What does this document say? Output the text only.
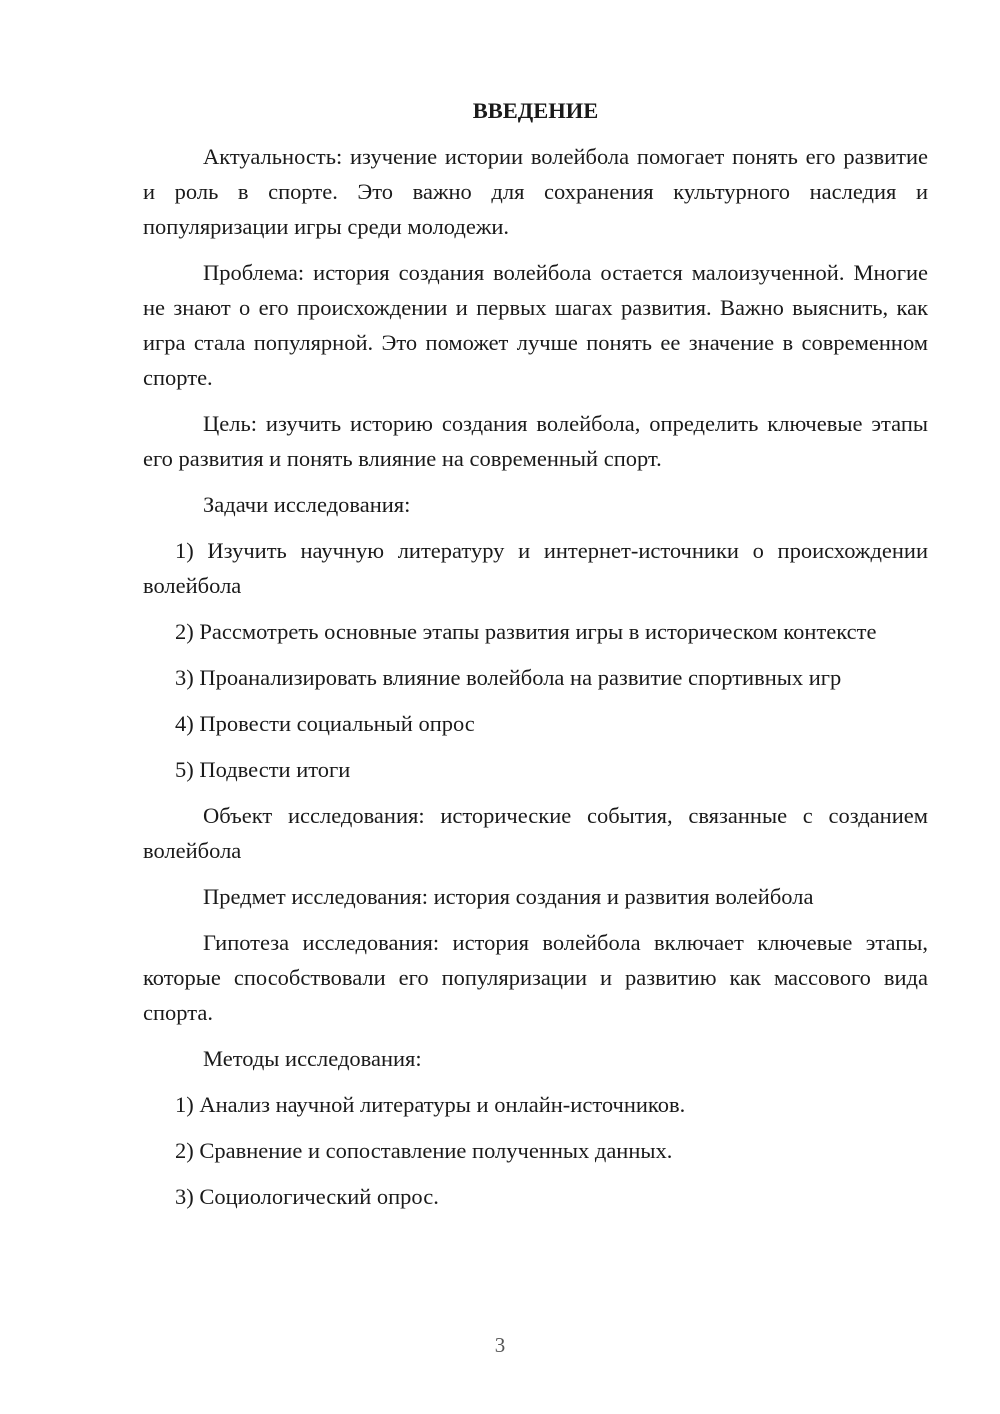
ВВЕДЕНИЕ

Актуальность: изучение истории волейбола помогает понять его развитие и роль в спорте. Это важно для сохранения культурного наследия и популяризации игры среди молодежи.

Проблема: история создания волейбола остается малоизученной. Многие не знают о его происхождении и первых шагах развития. Важно выяснить, как игра стала популярной. Это поможет лучше понять ее значение в современном спорте.

Цель: изучить историю создания волейбола, определить ключевые этапы его развития и понять влияние на современный спорт.

Задачи исследования:

1) Изучить научную литературу и интернет-источники о происхождении волейбола

2) Рассмотреть основные этапы развития игры в историческом контексте

3) Проанализировать влияние волейбола на развитие спортивных игр

4) Провести социальный опрос

5) Подвести итоги

Объект исследования: исторические события, связанные с созданием волейбола

Предмет исследования: история создания и развития волейбола

Гипотеза исследования: история волейбола включает ключевые этапы, которые способствовали его популяризации и развитию как массового вида спорта.

Методы исследования:

1) Анализ научной литературы и онлайн-источников.

2) Сравнение и сопоставление полученных данных.

3) Социологический опрос.

3
